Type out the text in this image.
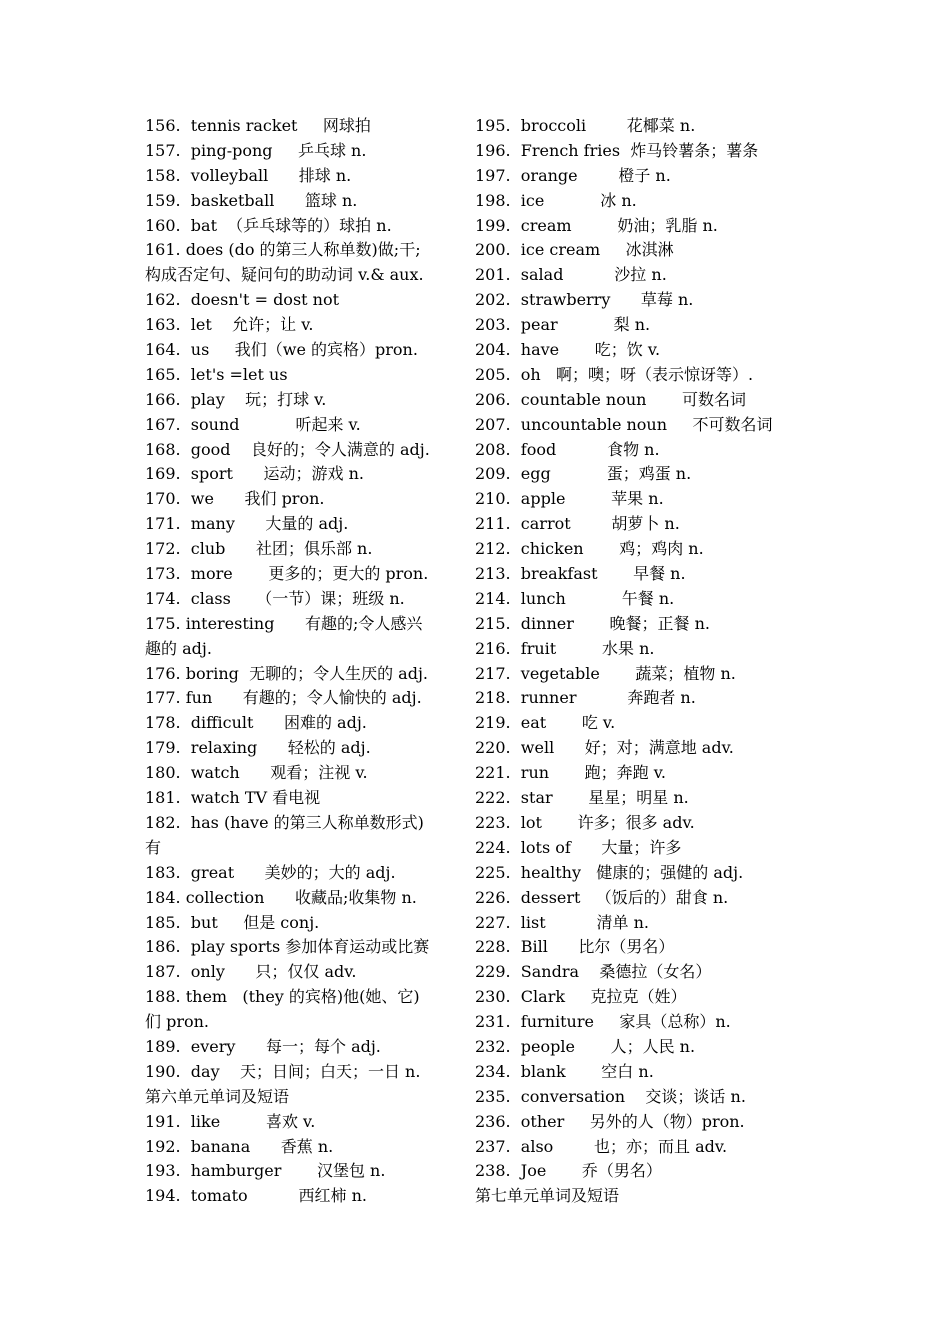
156.  tennis racket     网球拍
157.  ping-pong     乒乓球 n.
158.  volleyball      排球 n.
159.  basketball      篮球 n.
160.  bat  （乒乓球等的）球拍 n.
161. does (do 的第三人称单数)做;干;
构成否定句、疑问句的助动词 v.& aux.
162.  doesn't = dost not
163.  let    允许；让 v.
164.  us     我们（we 的宾格）pron.
165.  let's =let us
166.  play    玩；打球 v.
167.  sound           听起来 v.
168.  good    良好的；令人满意的 adj.
169.  sport      运动；游戏 n.
170.  we      我们 pron.
171.  many      大量的 adj.
172.  club      社团；俱乐部 n.
173.  more       更多的；更大的 pron.
174.  class     （一节）课；班级 n.
175. interesting      有趣的;令人感兴
趣的 adj.
176. boring  无聊的；令人生厌的 adj.
177. fun      有趣的；令人愉快的 adj.
178.  difficult      困难的 adj.
179.  relaxing      轻松的 adj.
180.  watch      观看；注视 v.
181.  watch TV 看电视
182.  has (have 的第三人称单数形式)
有
183.  great      美妙的；大的 adj.
184. collection      收藏品;收集物 n.
185.  but     但是 conj.
186.  play sports 参加体育运动或比赛
187.  only      只；仅仅 adv.
188. them   (they 的宾格)他(她、它)
们 pron.
189.  every      每一；每个 adj.
190.  day    天；日间；白天；一日 n.
第六单元单词及短语
191.  like         喜欢 v.
192.  banana      香蕉 n.
193.  hamburger       汉堡包 n.
194.  tomato          西红柿 n.
195.  broccoli        花椰菜 n.
196.  French fries  炸马铃薯条；薯条
197.  orange        橙子 n.
198.  ice           冰 n.
199.  cream         奶油；乳脂 n.
200.  ice cream     冰淇淋
201.  salad          沙拉 n.
202.  strawberry      草莓 n.
203.  pear           梨 n.
204.  have       吃；饮 v.
205.  oh   啊；噢；呀（表示惊讶等）.
206.  countable noun       可数名词
207.  uncountable noun     不可数名词
208.  food          食物 n.
209.  egg           蛋；鸡蛋 n.
210.  apple         苹果 n.
211.  carrot        胡萝卜 n.
212.  chicken       鸡；鸡肉 n.
213.  breakfast       早餐 n.
214.  lunch           午餐 n.
215.  dinner       晚餐；正餐 n.
216.  fruit         水果 n.
217.  vegetable       蔬菜；植物 n.
218.  runner          奔跑者 n.
219.  eat       吃 v.
220.  well      好；对；满意地 adv.
221.  run       跑；奔跑 v.
222.  star       星星；明星 n.
223.  lot       许多；很多 adv.
224.  lots of      大量；许多
225.  healthy   健康的；强健的 adj.
226.  dessert   （饭后的）甜食 n.
227.  list          清单 n.
228.  Bill      比尔（男名）
229.  Sandra    桑德拉（女名）
230.  Clark     克拉克（姓）
231.  furniture     家具（总称）n.
232.  people       人；人民 n.
234.  blank       空白 n.
235.  conversation    交谈；谈话 n.
236.  other     另外的人（物）pron.
237.  also        也；亦；而且 adv.
238.  Joe       乔（男名）
第七单元单词及短语
